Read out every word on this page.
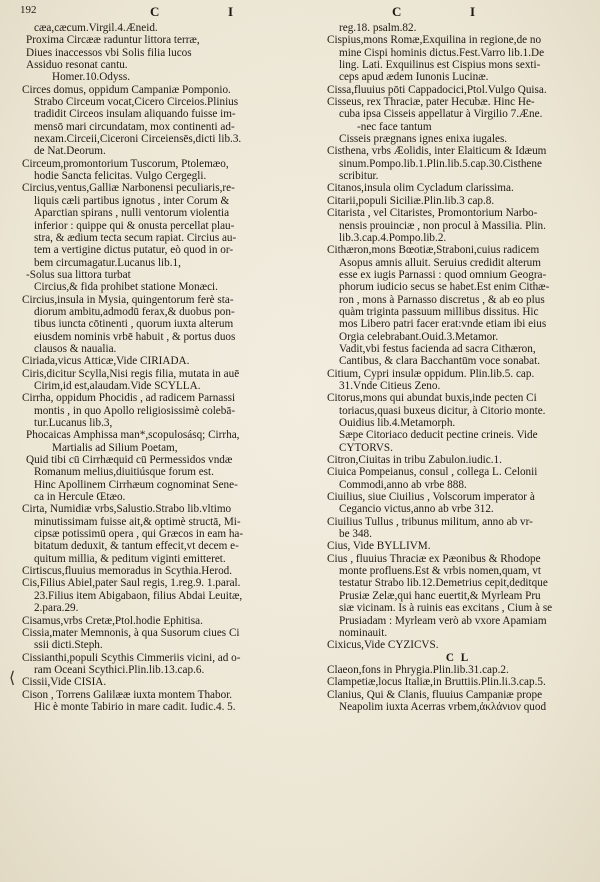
192	C	I	C	I
cæa,cæcum.Virgil.4.Æneid.
Proxima Circææ raduntur littora terræ,
Diues inaccessos vbi Solis filia lucos
Assiduo resonat cantu.
Homer.10.Odyss.
Circes domus, oppidum Campaniæ Pomponio.
Strabo Circeum vocat,Cicero Circeios.Plinius
tradidit Circeos insulam aliquando fuisse im-
mensō mari circundatam, mox continenti ad-
nexam.Circeii,Ciceroni Circeiensēs,dicti lib.3.
de Nat.Deorum.
Circeum,promontorium Tuscorum, Ptolemæo,
hodie Sancta felicitas. Vulgo Cergegli.
Circius,ventus,Galliæ Narbonensi peculiaris,re-
liquis cæli partibus ignotus , inter Corum &
Aparctian spirans , nulli ventorum violentia
inferior : quippe qui & onusta percellat plau-
stra, & ædium tecta secum rapiat. Circius au-
tem a vertigine dictus putatur, eò quod in or-
bem circumagatur.Lucanus lib.1,
-Solus sua littora turbat
Circius,& fida prohibet statione Monæci.
Circius,insula in Mysia, quingentorum ferè sta-
diorum ambitu,admodū ferax,& duobus pon-
tibus iuncta cōtinenti , quorum iuxta alterum
eiusdem nominis vrbē habuit , & portus duos
clausos & naualia.
Ciriada,vicus Atticæ,Vide CIRIADA.
Ciris,dicitur Scylla,Nisi regis filia, mutata in auē
Cirim,id est,alaudam.Vide SCYLLA.
Cirrha, oppidum Phocidis , ad radicem Parnassi
montis , in quo Apollo religiosissimè colebā-
tur.Lucanus lib.3,
Phocaicas Amphissa man*,scopulosásq; Cirrha,
Martialis ad Silium Poetam,
Quid tibi cū Cirrhæquid cū Permessidos vndæ
Romanum melius,diuitiúsque forum est.
Hinc Apollinem Cirrhæum cognominat Sene-
ca in Hercule Œtæo.
Cirta, Numidiæ vrbs,Salustio.Strabo lib.vltimo
minutissimam fuisse ait,& optimè structā, Mi-
cipsæ potissimū opera , qui Græcos in eam ha-
bitatum deduxit, & tantum effecit,vt decem e-
quitum millia, & peditum viginti emitteret.
Cirtiscus,fluuius memoradus in Scythia.Herod.
Cis,Filius Abiel,pater Saul regis, 1.reg.9. 1.paral.
23.Filius item Abigabaon, filius Abdai Leuitæ,
2.para.29.
Cisamus,vrbs Cretæ,Ptol.hodie Ephitisa.
Cissia,mater Memnonis, à qua Susorum ciues Ci
ssii dicti.Steph.
Cissianthi,populi Scythis Cimmeriis vicini, ad o-
ram Oceani Scythici.Plin.lib.13.cap.6.
Cissii,Vide CISIA.
Cison , Torrens Galilææ iuxta montem Thabor.
Hic è monte Tabirio in mare cadit. Iudic.4. 5.
reg.18. psalm.82.
Cispius,mons Romæ,Exquilina in regione,de no
mine Cispi hominis dictus.Fest.Varro lib.1.De
ling. Lati. Exquilinus est Cispius mons sexti-
ceps apud ædem Iunonis Lucinæ.
Cissa,fluuius pōti Cappadocici,Ptol.Vulgo Quisa.
Cisseus, rex Thraciæ, pater Hecubæ. Hinc He-
cuba ipsa Cisseis appellatur à Virgilio 7.Æne.
-nec face tantum
Cisseis prægnans ignes enixa iugales.
Cisthena, vrbs Æolidis, inter Elaiticum & Idæum
sinum.Pompo.lib.1.Plin.lib.5.cap.30.Cisthene
scribitur.
Citanos,insula olim Cycladum clarissima.
Citarii,populi Siciliæ.Plin.lib.3 cap.8.
Citarista , vel Citaristes, Promontorium Narbo-
nensis prouinciæ , non procul à Massilia. Plin.
lib.3.cap.4.Pompo.lib.2.
Cithæron,mons Bœotiæ,Straboni,cuius radicem
Asopus amnis alluit. Seruius credidit alterum
esse ex iugis Parnassi : quod omnium Geogra-
phorum iudicio secus se habet.Est enim Cithæ-
ron , mons à Parnasso discretus , & ab eo plus
quàm triginta passuum millibus dissitus. Hic
mos Libero patri facer erat:vnde etiam ibi eius
Orgia celebrabant.Ouid.3.Metamor.
Vadit,vbi festus facienda ad sacra Cithæron,
Cantibus, & clara Bacchantūm voce sonabat.
Citium, Cypri insulæ oppidum. Plin.lib.5. cap.
31.Vnde Citieus Zeno.
Citorus,mons qui abundat buxis,inde pecten Ci
toriacus,quasi buxeus dicitur, à Citorio monte.
Ouidius lib.4.Metamorph.
Sæpe Citoriaco deducit pectine crineis. Vide
CYTORVS.
Citron,Ciuitas in tribu Zabulon.iudic.1.
Ciuica Pompeianus, consul , collega L. Celonii
Commodi,anno ab vrbe 888.
Ciuilius, siue Ciuilius , Volscorum imperator à
Cegancio victus,anno ab vrbe 312.
Ciuilius Tullus , tribunus militum, anno ab vr-
be 348.
Cius, Vide BYLLIVM.
Cius , fluuius Thraciæ ex Pæonibus & Rhodope
monte profluens.Est & vrbis nomen,quam, vt
testatur Strabo lib.12.Demetrius cepit,deditque
Prusiæ Zelæ,qui hanc euertit,& Myrleam Pru
siæ vicinam. Is à ruinis eas excitans , Cium à se
Prusiadam : Myrleam verò ab vxore Apamiam
nominauit.
Cixicus,Vide CYZICVS.
C L
Claeon,fons in Phrygia.Plin.lib.31.cap.2.
Clampetiæ,locus Italiæ,in Bruttiis.Plin.li.3.cap.5.
Clanius, Qui & Clanis, fluuius Campaniæ prope
Neapolim iuxta Acerras vrbem,ἀκλάνιον quod
⟨
